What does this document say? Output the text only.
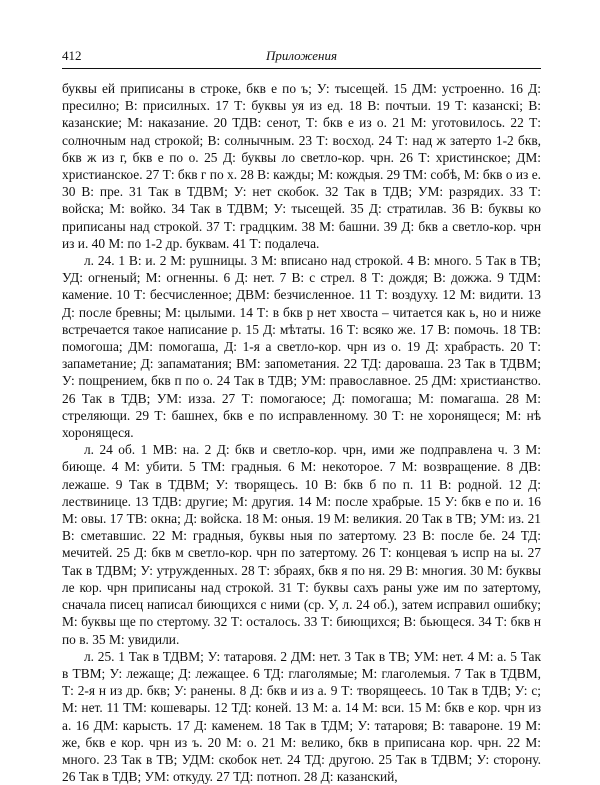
412	Приложения

буквы ей приписаны в строке, бкв е по ъ; У: тысещей. 15 ДМ: устроенно. 16 Д: пресилно; В: присилных. 17 Т: буквы уя из ед. 18 В: почтыи. 19 Т: казанскi; В: казанские; М: наказание. 20 ТДВ: сенот, Т: бкв е из о. 21 М: уготовилось. 22 Т: солночным над строкой; В: солнычным. 23 Т: восход. 24 Т: над ж затерто 1-2 бкв, бкв ж из г, бкв е по о. 25 Д: буквы ло светло-кор. чрн. 26 Т: христинское; ДМ: христианское. 27 Т: бкв г по х. 28 В: кажды; М: кождыя. 29 ТМ: собѣ, М: бкв о из е. 30 В: пре. 31 Так в ТДВМ; У: нет скобок. 32 Так в ТДВ; УМ: разрядих. 33 Т: войска; М: войко. 34 Так в ТДВМ; У: тысещей. 35 Д: стратилав. 36 В: буквы ко приписаны над строкой. 37 Т: градцким. 38 М: башни. 39 Д: бкв а светло-кор. чрн из и. 40 М: по 1-2 др. буквам. 41 Т: подалеча.

л. 24. 1 В: и. 2 М: рушницы. 3 М: вписано над строкой. 4 В: много. 5 Так в ТВ; УД: огненый; М: огненны. 6 Д: нет. 7 В: с стрел. 8 Т: дождя; В: дожжа. 9 ТДМ: камение. 10 Т: бесчисленное; ДВМ: безчисленное. 11 Т: воздуху. 12 М: видити. 13 Д: после бревны; М: цылыми. 14 Т: в бкв р нет хвоста – читается как ь, но и ниже встречается такое написание р. 15 Д: мѣтаты. 16 Т: всяко же. 17 В: помочь. 18 ТВ: помогоша; ДМ: помогаша, Д: 1-я а светло-кор. чрн из о. 19 Д: храбрасть. 20 Т: запаметание; Д: запаматания; ВМ: запометания. 22 ТД: дароваша. 23 Так в ТДВМ; У: пощрением, бкв п по о. 24 Так в ТДВ; УМ: православное. 25 ДМ: христианство. 26 Так в ТДВ; УМ: изза. 27 Т: помогаюсе; Д: помогаша; М: помагаша. 28 М: стреляющи. 29 Т: башнех, бкв е по исправленному. 30 Т: не хоронящеся; М: нѣ хоронящеся.

л. 24 об. 1 МВ: на. 2 Д: бкв и светло-кор. чрн, ими же подправлена ч. 3 М: биюще. 4 М: убити. 5 ТМ: градныя. 6 М: некоторое. 7 М: возвращение. 8 ДВ: лежаше. 9 Так в ТДВМ; У: творящесь. 10 В: бкв б по п. 11 В: родной. 12 Д: лествинице. 13 ТДВ: другие; М: другия. 14 М: после храбрые. 15 У: бкв е по и. 16 М: овы. 17 ТВ: окна; Д: войска. 18 М: оныя. 19 М: великия. 20 Так в ТВ; УМ: из. 21 В: сметавшис. 22 М: градныя, буквы ныя по затертому. 23 В: после бе. 24 ТД: мечитей. 25 Д: бкв м светло-кор. чрн по затертому. 26 Т: концевая ъ испр на ы. 27 Так в ТДВМ; У: утружденных. 28 Т: збраях, бкв я по ня. 29 В: многия. 30 М: буквы ле кор. чрн приписаны над строкой. 31 Т: буквы сахъ раны уже им по затертому, сначала писец написал биющихся с ними (ср. У, л. 24 об.), затем исправил ошибку; М: буквы ще по стертому. 32 Т: осталось. 33 Т: биющихся; В: бьющеся. 34 Т: бкв н по в. 35 М: увидили.

л. 25. 1 Так в ТДВМ; У: татаровя. 2 ДМ: нет. 3 Так в ТВ; УМ: нет. 4 М: а. 5 Так в ТВМ; У: лежаще; Д: лежащее. 6 ТД: глаголямые; М: глаголемыя. 7 Так в ТДВМ, Т: 2-я н из др. бкв; У: ранены. 8 Д: бкв и из а. 9 Т: творящеесь. 10 Так в ТДВ; У: с; М: нет. 11 ТМ: кошевары. 12 ТД: коней. 13 М: а. 14 М: вси. 15 М: бкв е кор. чрн из а. 16 ДМ: карысть. 17 Д: каменем. 18 Так в ТДМ; У: татаровя; В: тавароне. 19 М: же, бкв е кор. чрн из ъ. 20 М: о. 21 М: велико, бкв в приписана кор. чрн. 22 М: много. 23 Так в ТВ; УДМ: скобок нет. 24 ТД: другою. 25 Так в ТДВМ; У: сторону. 26 Так в ТДВ; УМ: откуду. 27 ТД: потноп. 28 Д: казанский,
